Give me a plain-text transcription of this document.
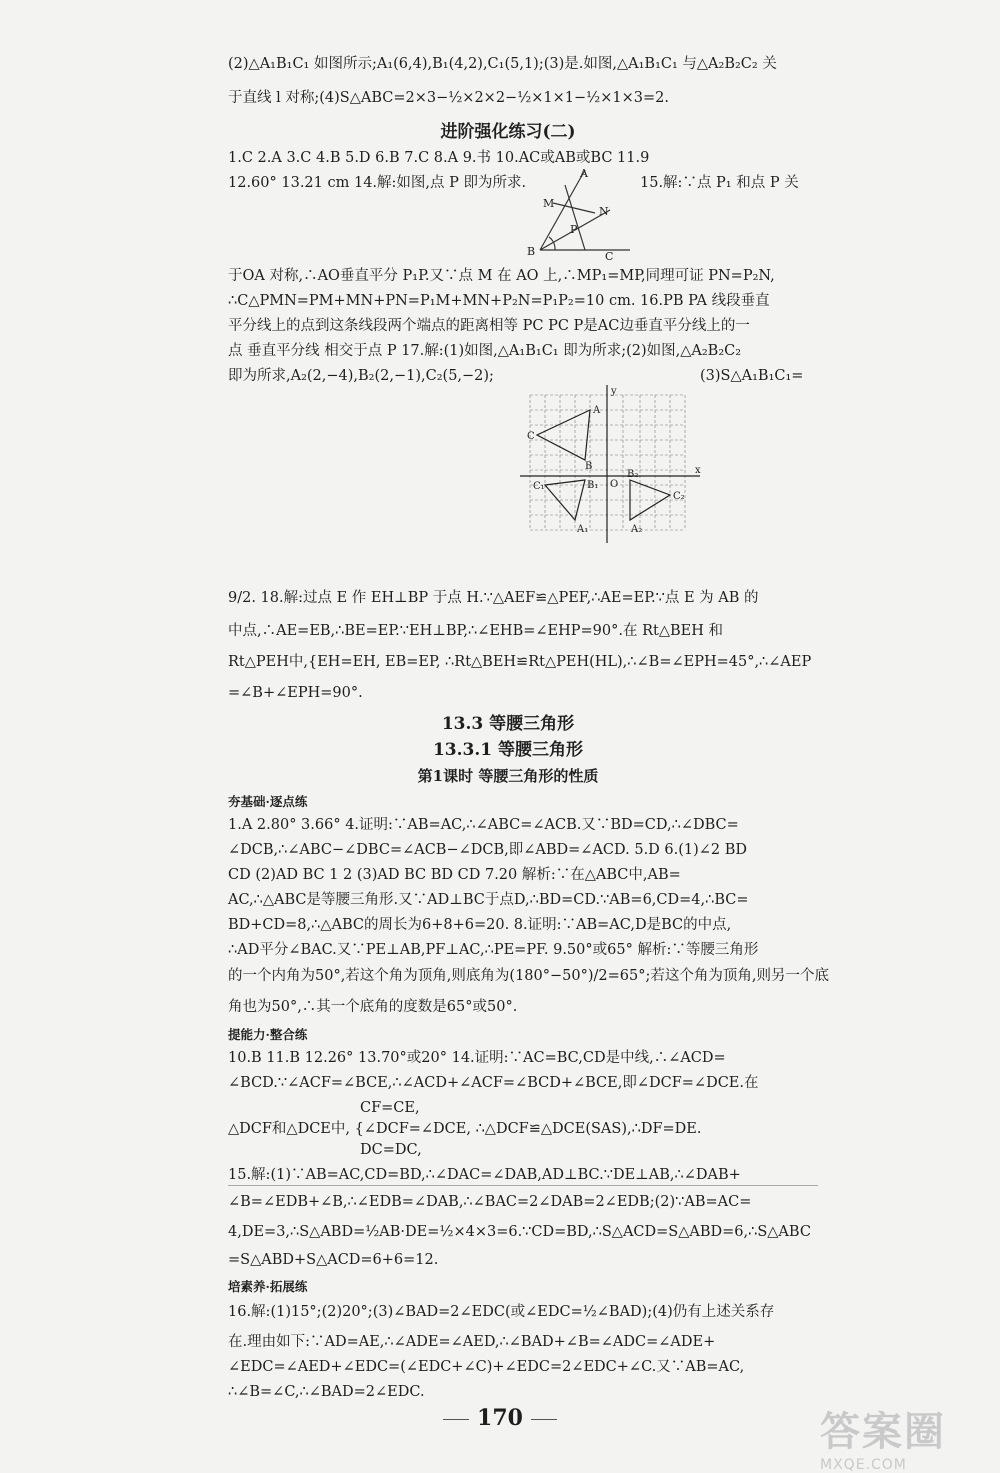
(2)△A₁B₁C₁ 如图所示;A₁(6,4),B₁(4,2),C₁(5,1);(3)是.如图,△A₁B₁C₁ 与△A₂B₂C₂ 关
于直线 l 对称;(4)S△ABC=2×3−½×2×2−½×1×1−½×1×3=2.
进阶强化练习(二)
1.C 2.A 3.C 4.B 5.D 6.B 7.C 8.A 9.书 10.AC或AB或BC 11.9
12.60° 13.21 cm 14.解:如图,点 P 即为所求.	15.解:∵点 P₁ 和点 P 关
A
M
N
P
B	C
于OA 对称,∴AO垂直平分 P₁P.又∵点 M 在 AO 上,∴MP₁=MP,同理可证 PN=P₂N,
∴C△PMN=PM+MN+PN=P₁M+MN+P₂N=P₁P₂=10 cm. 16.PB PA 线段垂直
平分线上的点到这条线段两个端点的距离相等 PC PC P是AC边垂直平分线上的一
点 垂直平分线 相交于点 P 17.解:(1)如图,△A₁B₁C₁ 即为所求;(2)如图,△A₂B₂C₂
即为所求,A₂(2,−4),B₂(2,−1),C₂(5,−2);	(3)S△A₁B₁C₁=
y
x
O
A
B
C
A₁
B₁
C₁
A₂
B₂
C₂
9/2. 18.解:过点 E 作 EH⊥BP 于点 H.∵△AEF≌△PEF,∴AE=EP.∵点 E 为 AB 的
中点,∴AE=EB,∴BE=EP.∵EH⊥BP,∴∠EHB=∠EHP=90°.在 Rt△BEH 和
Rt△PEH中,{EH=EH, EB=EP, ∴Rt△BEH≌Rt△PEH(HL),∴∠B=∠EPH=45°,∴∠AEP
=∠B+∠EPH=90°.
13.3 等腰三角形
13.3.1 等腰三角形
第1课时 等腰三角形的性质
夯基础·逐点练
1.A 2.80° 3.66° 4.证明:∵AB=AC,∴∠ABC=∠ACB.又∵BD=CD,∴∠DBC=
∠DCB,∴∠ABC−∠DBC=∠ACB−∠DCB,即∠ABD=∠ACD. 5.D 6.(1)∠2 BD
CD (2)AD BC 1 2 (3)AD BC BD CD 7.20 解析:∵在△ABC中,AB=
AC,∴△ABC是等腰三角形.又∵AD⊥BC于点D,∴BD=CD.∵AB=6,CD=4,∴BC=
BD+CD=8,∴△ABC的周长为6+8+6=20. 8.证明:∵AB=AC,D是BC的中点,
∴AD平分∠BAC.又∵PE⊥AB,PF⊥AC,∴PE=PF. 9.50°或65° 解析:∵等腰三角形
的一个内角为50°,若这个角为顶角,则底角为(180°−50°)/2=65°;若这个角为顶角,则另一个底
角也为50°,∴其一个底角的度数是65°或50°.
提能力·整合练
10.B 11.B 12.26° 13.70°或20° 14.证明:∵AC=BC,CD是中线,∴∠ACD=
∠BCD.∵∠ACF=∠BCE,∴∠ACD+∠ACF=∠BCD+∠BCE,即∠DCF=∠DCE.在
CF=CE,
△DCF和△DCE中, {∠DCF=∠DCE, ∴△DCF≌△DCE(SAS),∴DF=DE.
DC=DC,
15.解:(1)∵AB=AC,CD=BD,∴∠DAC=∠DAB,AD⊥BC.∵DE⊥AB,∴∠DAB+
∠B=∠EDB+∠B,∴∠EDB=∠DAB,∴∠BAC=2∠DAB=2∠EDB;(2)∵AB=AC=
4,DE=3,∴S△ABD=½AB·DE=½×4×3=6.∵CD=BD,∴S△ACD=S△ABD=6,∴S△ABC
=S△ABD+S△ACD=6+6=12.
培素养·拓展练
16.解:(1)15°;(2)20°;(3)∠BAD=2∠EDC(或∠EDC=½∠BAD);(4)仍有上述关系存
在.理由如下:∵AD=AE,∴∠ADE=∠AED,∴∠BAD+∠B=∠ADC=∠ADE+
∠EDC=∠AED+∠EDC=(∠EDC+∠C)+∠EDC=2∠EDC+∠C.又∵AB=AC,
∴∠B=∠C,∴∠BAD=2∠EDC.
170	答案圈
MXQE.COM
